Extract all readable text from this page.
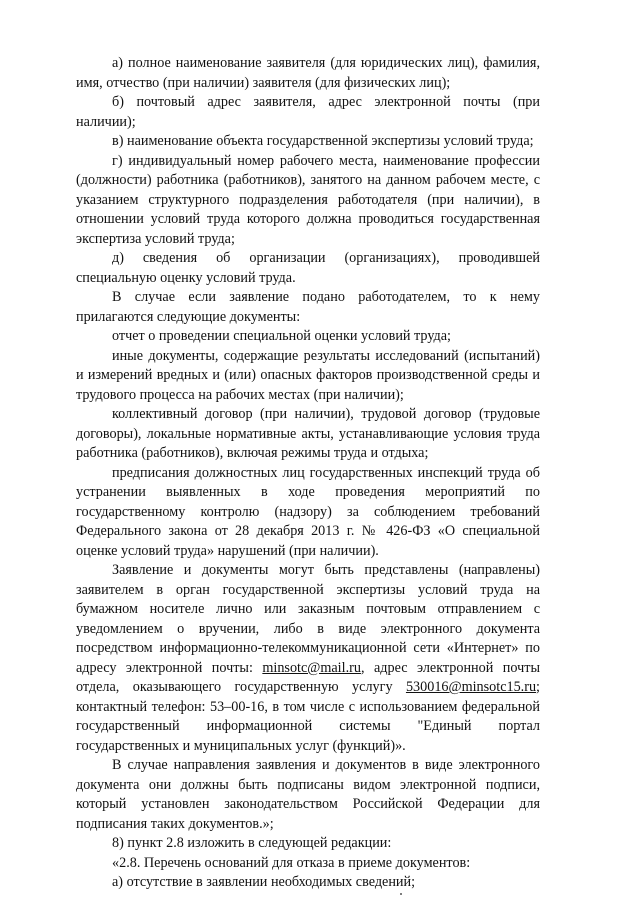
а) полное наименование заявителя (для юридических лиц), фамилия, имя, отчество (при наличии) заявителя (для физических лиц);

б) почтовый адрес заявителя, адрес электронной почты (при наличии);

в) наименование объекта государственной экспертизы условий труда;

г) индивидуальный номер рабочего места, наименование профессии (должности) работника (работников), занятого на данном рабочем месте, с указанием структурного подразделения работодателя (при наличии), в отношении условий труда которого должна проводиться государственная экспертиза условий труда;

д) сведения об организации (организациях), проводившей специальную оценку условий труда.

В случае если заявление подано работодателем, то к нему прилагаются следующие документы:

отчет о проведении специальной оценки условий труда;

иные документы, содержащие результаты исследований (испытаний) и измерений вредных и (или) опасных факторов производственной среды и трудового процесса на рабочих местах (при наличии);

коллективный договор (при наличии), трудовой договор (трудовые договоры), локальные нормативные акты, устанавливающие условия труда работника (работников), включая режимы труда и отдыха;

предписания должностных лиц государственных инспекций труда об устранении выявленных в ходе проведения мероприятий по государственному контролю (надзору) за соблюдением требований Федерального закона от 28 декабря 2013 г. № 426-ФЗ «О специальной оценке условий труда» нарушений (при наличии).

Заявление и документы могут быть представлены (направлены) заявителем в орган государственной экспертизы условий труда на бумажном носителе лично или заказным почтовым отправлением с уведомлением о вручении, либо в виде электронного документа посредством информационно-телекоммуникационной сети «Интернет» по адресу электронной почты: minsotc@mail.ru, адрес электронной почты отдела, оказывающего государственную услугу 530016@minsotc15.ru; контактный телефон: 53–00-16, в том числе с использованием федеральной государственный информационной системы "Единый портал государственных и муниципальных услуг (функций)».

В случае направления заявления и документов в виде электронного документа они должны быть подписаны видом электронной подписи, который установлен законодательством Российской Федерации для подписания таких документов.»;

8) пункт 2.8 изложить в следующей редакции:

«2.8. Перечень оснований для отказа в приеме документов:

а) отсутствие в заявлении необходимых сведений;
